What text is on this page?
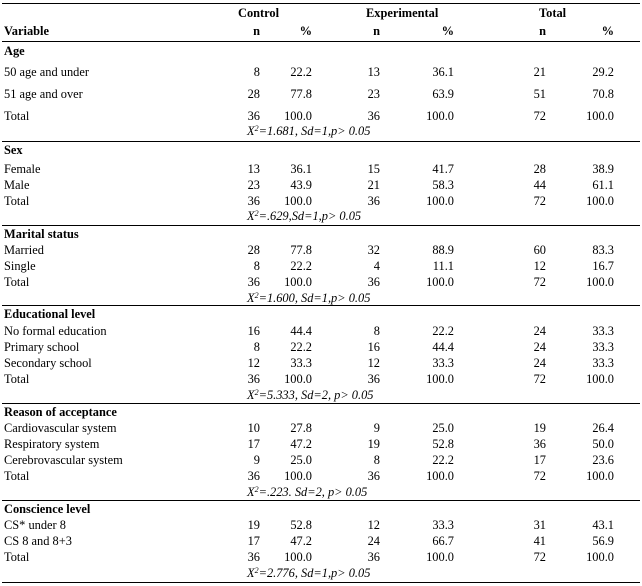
Control	Experimental	Total
Variable	n	%	n	%	n	%
Age
50 age and under	8	22.2	13	36.1	21	29.2
51 age and over	28	77.8	23	63.9	51	70.8
Total	36	100.0	36	100.0	72	100.0
$X^2=1.681$, Sd=1,p> 0.05
Sex
Female	13	36.1	15	41.7	28	38.9
Male	23	43.9	21	58.3	44	61.1
Total	36	100.0	36	100.0	72	100.0
$X^2=.629,Sd=1,p> 0.05$
Marital status
Married	28	77.8	32	88.9	60	83.3
Single	8	22.2	4	11.1	12	16.7
Total	36	100.0	36	100.0	72	100.0
$X^2=1.600$, Sd=1,p> 0.05
Educational level
No formal education	16	44.4	8	22.2	24	33.3
Primary school	8	22.2	16	44.4	24	33.3
Secondary school	12	33.3	12	33.3	24	33.3
Total	36	100.0	36	100.0	72	100.0
$X^2=5.333$, Sd=2, p> 0.05
Reason of acceptance
Cardiovascular system	10	27.8	9	25.0	19	26.4
Respiratory system	17	47.2	19	52.8	36	50.0
Cerebrovascular system	9	25.0	8	22.2	17	23.6
Total	36	100.0	36	100.0	72	100.0
$X^2=.223$. Sd=2, p> 0.05
Conscience level
CS* under 8	19	52.8	12	33.3	31	43.1
CS 8 and 8+3	17	47.2	24	66.7	41	56.9
Total	36	100.0	36	100.0	72	100.0
$X^2=2.776$, Sd=1,p> 0.05
